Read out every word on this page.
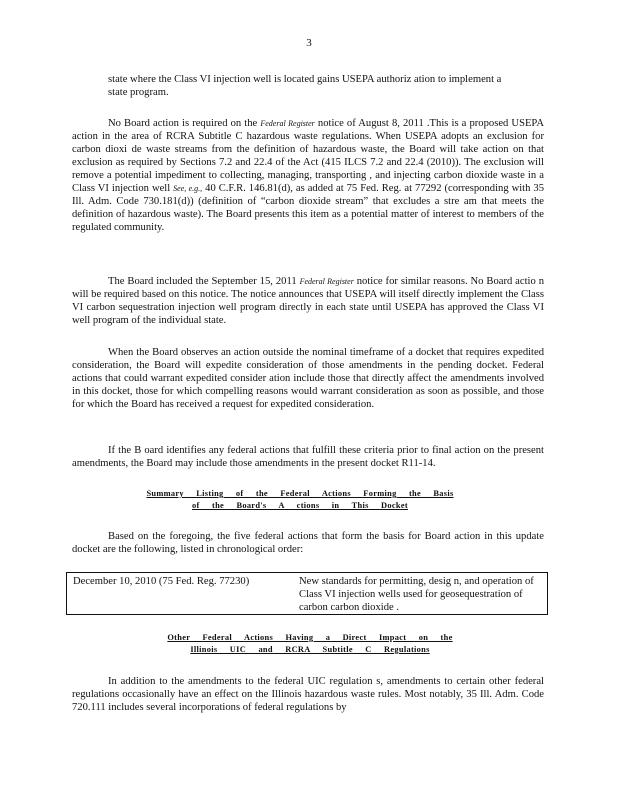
3

state where the Class VI injection well is located gains USEPA authoriz ation to implement a state program.

No Board action is required on the Federal Register notice of August 8, 2011 .This is a proposed USEPA action in the area of RCRA Subtitle C hazardous waste regulations. When USEPA adopts an exclusion for carbon dioxi de waste streams from the definition of hazardous waste, the Board will take action on that exclusion as required by Sections 7.2 and 22.4 of the Act (415 ILCS 7.2 and 22.4 (2010)). The exclusion will remove a potential impediment to collecting, managing, transporting , and injecting carbon dioxide waste in a Class VI injection well See, e.g., 40 C.F.R. 146.81(d), as added at 75 Fed. Reg. at 77292 (corresponding with 35 Ill. Adm. Code 730.181(d)) (definition of “carbon dioxide stream” that excludes a stre am that meets the definition of hazardous waste). The Board presents this item as a potential matter of interest to members of the regulated community.

The Board included the September 15, 2011 Federal Register notice for similar reasons. No Board actio n will be required based on this notice. The notice announces that USEPA will itself directly implement the Class VI carbon sequestration injection well program directly in each state until USEPA has approved the Class VI well program of the individual state.

When the Board observes an action outside the nominal timeframe of a docket that requires expedited consideration, the Board will expedite consideration of those amendments in the pending docket. Federal actions that could warrant expedited consider ation include those that directly affect the amendments involved in this docket, those for which compelling reasons would warrant consideration as soon as possible, and those for which the Board has received a request for expedited consideration.

If the B oard identifies any federal actions that fulfill these criteria prior to final action on the present amendments, the Board may include those amendments in the present docket R11-14.

Summary Listing of the Federal Actions Forming the Basis
of the Board's A ctions in This Docket

Based on the foregoing, the five federal actions that form the basis for Board action in this update docket are the following, listed in chronological order:

December 10, 2010 (75 Fed. Reg. 77230)	New standards for permitting, desig n, and operation of Class VI injection wells used for geosequestration of carbon carbon dioxide .
Other Federal Actions Having a Direct Impact on the
Illinois UIC and RCRA Subtitle C Regulations

In addition to the amendments to the federal UIC regulation s, amendments to certain other federal regulations occasionally have an effect on the Illinois hazardous waste rules. Most notably, 35 Ill. Adm. Code 720.111 includes several incorporations of federal regulations by
